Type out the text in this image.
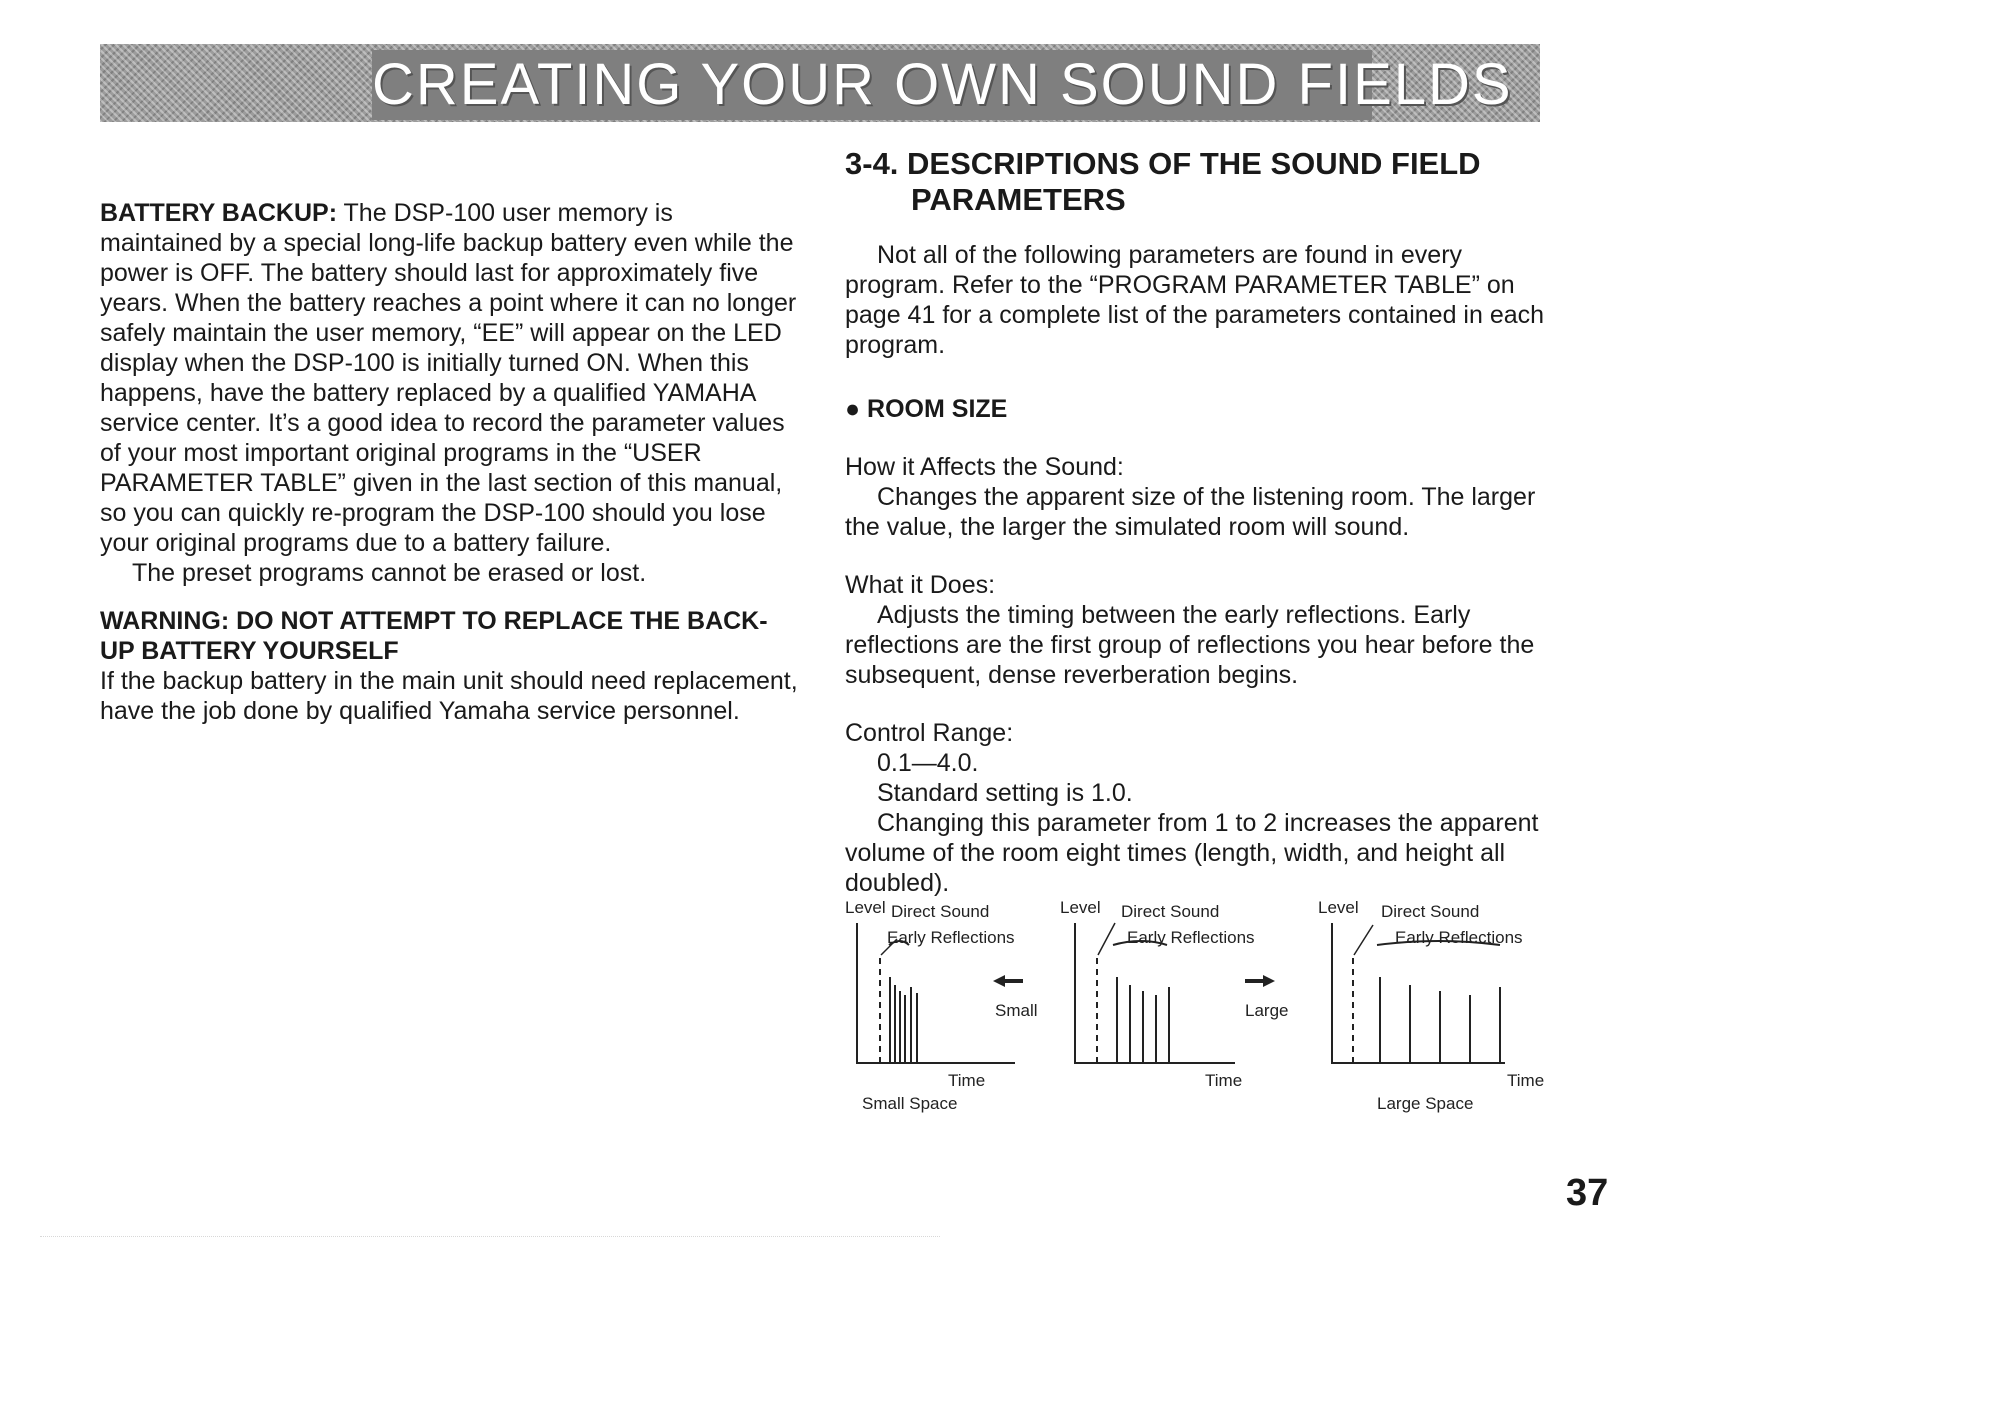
CREATING YOUR OWN SOUND FIELDS

BATTERY BACKUP: The DSP-100 user memory is maintained by a special long-life backup battery even while the power is OFF. The battery should last for approximately five years. When the battery reaches a point where it can no longer safely maintain the user memory, “EE” will appear on the LED display when the DSP-100 is initially turned ON. When this happens, have the battery replaced by a qualified YAMAHA service center. It’s a good idea to record the parameter values of your most important original programs in the “USER PARAMETER TABLE” given in the last section of this manual, so you can quickly re-program the DSP-100 should you lose your original programs due to a battery failure.

The preset programs cannot be erased or lost.

WARNING: DO NOT ATTEMPT TO REPLACE THE BACK-UP BATTERY YOURSELF

If the backup battery in the main unit should need replacement, have the job done by qualified Yamaha service personnel.

3-4. DESCRIPTIONS OF THE SOUND FIELD
PARAMETERS

Not all of the following parameters are found in every program. Refer to the “PROGRAM PARAMETER TABLE” on page 41 for a complete list of the parameters contained in each program.

● ROOM SIZE

How it Affects the Sound:

Changes the apparent size of the listening room. The larger the value, the larger the simulated room will sound.

What it Does:

Adjusts the timing between the early reflections. Early reflections are the first group of reflections you hear before the subsequent, dense reverberation begins.

Control Range:

0.1—4.0.

Standard setting is 1.0.

Changing this parameter from 1 to 2 increases the apparent volume of the room eight times (length, width, and height all doubled).

Level Direct Sound
Early Reflections
Small
Time
Small Space
Level Direct Sound
Early Reflections
Large
Time
Level Direct Sound
Early Reflections
Time
Large Space
37
